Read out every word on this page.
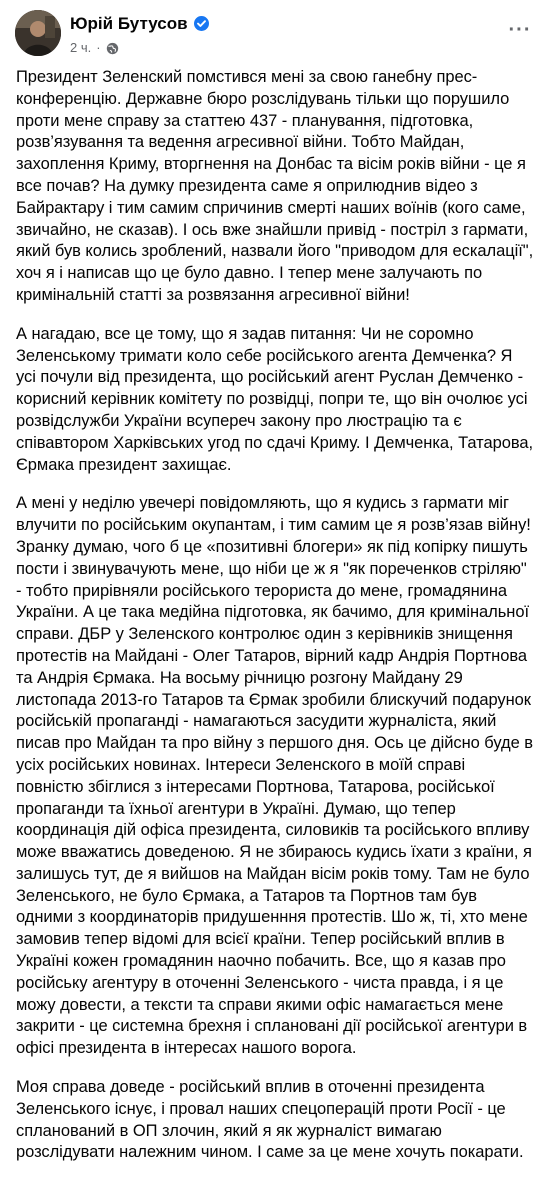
Юрій Бутусов
2 ч. ·
···

Президент Зеленский помстився мені за свою ганебну прес-конференцію. Державне бюро розслідувань тільки що порушило проти мене справу за статтею 437 - планування, підготовка, розв’язування та ведення агресивної війни. Тобто Майдан, захоплення Криму, вторгнення на Донбас та вісім років війни - це я все почав? На думку президента саме я оприлюднив відео з Байрактару і тим самим спричинив смерті наших воїнів (кого саме, звичайно, не сказав). І ось вже знайшли привід - постріл з гармати, який був колись зроблений, назвали його "приводом для ескалації", хоч я і написав що це було давно. І тепер мене залучають по кримінальній статті за розвязання агресивної війни!

А нагадаю, все це тому, що я задав питання: Чи не соромно Зеленському тримати коло себе російського агента Демченка? Я усі почули від президента, що російський агент Руслан Демченко - корисний керівник комітету по розвідці, попри те, що він очолює усі розвідслужби України всупереч закону про люстрацію та є співавтором Харківських угод по сдачі Криму. І Демченка, Татарова, Єрмака президент захищає.

А мені у неділю увечері повідомляють, що я кудись з гармати міг влучити по російським окупантам, і тим самим це я розв’язав війну! Зранку думаю, чого б це «позитивні блогери» як під копірку пишуть пости і звинувачують мене, що ніби це ж я "як пореченков стріляю" - тобто прирівняли російського терориста до мене, громадянина України. А це така медійна підготовка, як бачимо, для кримінальної справи. ДБР у Зеленского контролює один з керівників знищення протестів на Майдані - Олег Татаров, вірний кадр Андрія Портнова та Андрія Єрмака. На восьму річницю розгону Майдану 29 листопада 2013-го Татаров та Єрмак зробили блискучий подарунок російській пропаганді - намагаються засудити журналіста, який писав про Майдан та про війну з першого дня. Ось це дійсно буде в усіх російських новинах. Інтереси Зеленского в моїй справі повністю збіглися з інтересами Портнова, Татарова, російської пропаганди та їхньої агентури в Україні. Думаю, що тепер координація дій офіса президента, силовиків та російського впливу може вважатись доведеною. Я не збираюсь кудись їхати з країни, я залишусь тут, де я вийшов на Майдан вісім років тому. Там не було Зеленського, не було Єрмака, а Татаров та Портнов там був одними з координаторів придушенння протестів. Шо ж, ті, хто мене замовив тепер відомі для всієї країни. Тепер російський вплив в Україні кожен громадянин наочно побачить. Все, що я казав про російську агентуру в оточенні Зеленського - чиста правда, і я це можу довести, а тексти та справи якими офіс намагається мене закрити - це системна брехня і сплановані дії російської агентури в офісі президента в інтересах нашого ворога.

Моя справа доведе - російський вплив в оточенні президента Зеленського існує, і провал наших спецоперацій проти Росії - це спланований в ОП злочин, який я як журналіст вимагаю розслідувати належним чином. І саме за це мене хочуть покарати.
